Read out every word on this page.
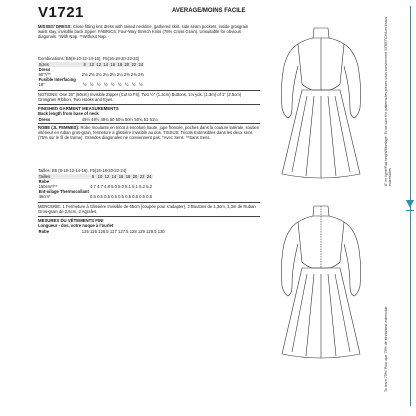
V1721	AVERAGE/MOINS FACILE
MISSES' DRESS: Close fitting knit dress with raised neckline, gathered skirt, side seam pockets, inside grosgrain waist stay, invisible back zipper. FABRICS: Four-Way Stretch Knits (75% Cross Grain). Unsuitable for obvious diagonals. *With Nap. **Without Nap.
Combinations: B5(8-10-12-14-16), F5(16-18-20-22-24)
Sizes	8	10	12	14	16	18	20	22	24
Dress									
60"*/**	2⅛	2⅛	2⅛	2¼	2¼	2¼	2⅜	2⅜	2⅜
Fusible Interfacing									
18"	½	½	½	½	½	½	½	½	½
NOTIONS: One 20" (50cm) Invisible Zipper (Cut to Fit), Two ½" (1.3cm) Buttons, 1⅛ yds. (1.3m) of 1" (2.5cm) Grosgrain Ribbon, Two Hooks and Eyes.
FINISHED GARMENT MEASUREMENTS
Back length from base of neck
Dress	49½	49½	49¾	50	50¼	50½	50¾	51	51¼
ROBE (JL FEMMES): Robe moulante en tricot à encolure haute, jupe froncée, poches dans la couture latérale, soutien intérieur en ruban gros-grain, fermeture à glissière invisible au dos. TISSUS: Tricots Extensibles dans les deux sens (75% sur le fil de trame). Grandes diagonales ne conviennent pas. *Avec Sens. **Sans Sens.
Tailles: B5 (8-10-12-14-16), F5(16-18-20-22-24)
Tailles	8	10	12	14	16	18	20	22	24
Robe									
150cm*/**	4.7	4.7	4.8	5.0	5.0	5.1	5.1	5.2	5.2
Ent-oilage Thermocollant									
46cm*	0.5	0.5	0.5	0.5	0.5	0.5	0.5	0.5	0.5
MERCERIE: 1 Fermeture à Glissière Invisible de 65cm (coupée pour s'adapter), 2 Boutons de 1,3cm, 1,3m de Ruban Gros-grain de 2,5cm, 2 Agrafes.
MESURES DU VÊTEMENTS FINI
Longueur - dos, votre nuque à l'ourlet
Robe	125	125	126.5	127	127.5	128	129	129.5	130
8" en ligne/Flat height/Montage: To be sure the patterns/les pieces vous conviennent STRETCH/Les tissus extensibles
To learn 75%/ Pour que 75% de stretchtest extensible
